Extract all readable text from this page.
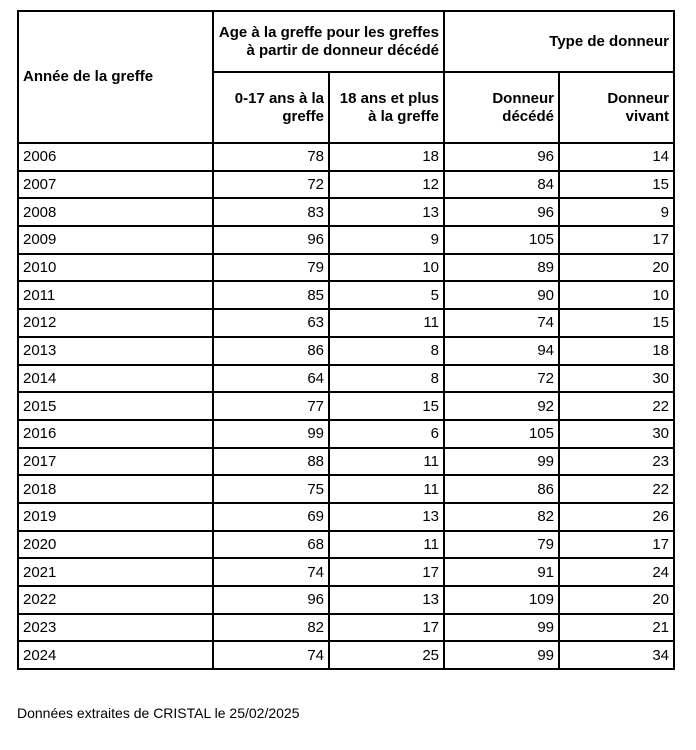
Année de la greffe	Age à la greffe pour les greffes à partir de donneur décédé		Type de donneur	
	0-17 ans à la greffe	18 ans et plus à la greffe	Donneur décédé	Donneur vivant
2006	78	18	96	14
2007	72	12	84	15
2008	83	13	96	9
2009	96	9	105	17
2010	79	10	89	20
2011	85	5	90	10
2012	63	11	74	15
2013	86	8	94	18
2014	64	8	72	30
2015	77	15	92	22
2016	99	6	105	30
2017	88	11	99	23
2018	75	11	86	22
2019	69	13	82	26
2020	68	11	79	17
2021	74	17	91	24
2022	96	13	109	20
2023	82	17	99	21
2024	74	25	99	34
Données extraites de CRISTAL le 25/02/2025
